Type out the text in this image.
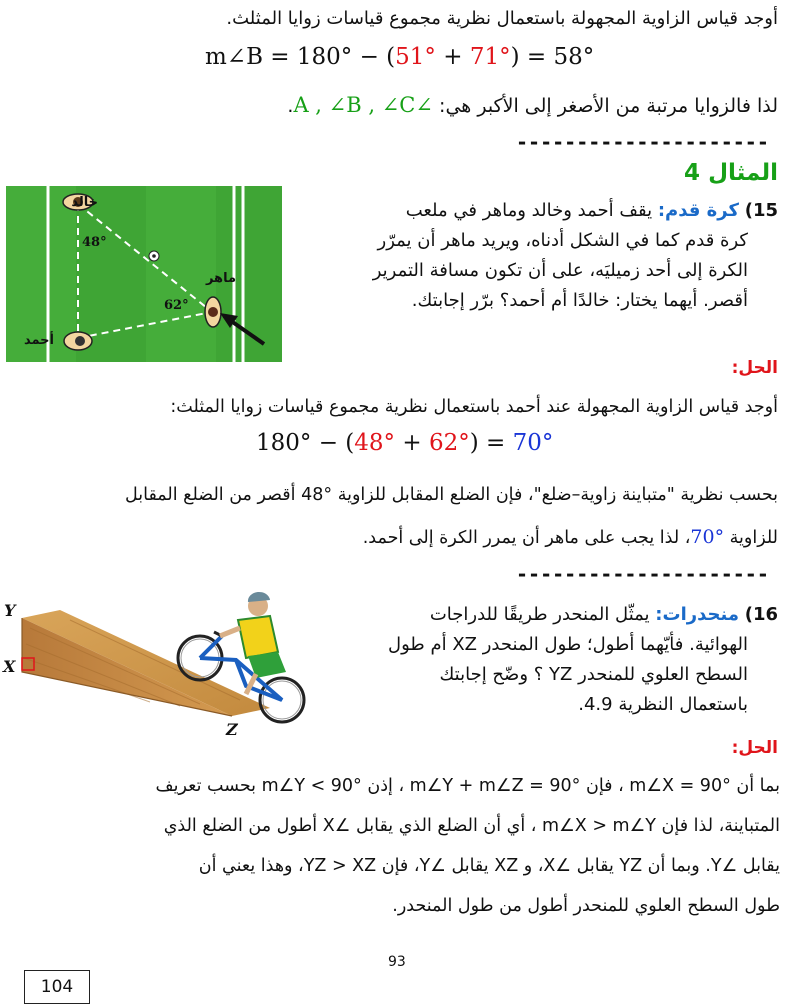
أوجد قياس الزاوية المجهولة باستعمال نظرية مجموع قياسات زوايا المثلث.
m∠B = 180° − (51° + 71°) = 58°
لذا فالزوايا مرتبة من الأصغر إلى الأكبر هي: ∠A , ∠B , ∠C.
---------------------
المثال 4
15) كرة قدم: يقف أحمد وخالد وماهر في ملعب
كرة قدم كما في الشكل أدناه، ويريد ماهر أن يمرّر
الكرة إلى أحد زميليَه، على أن تكون مسافة التمرير
أقصر. أيهما يختار: خالدًا أم أحمد؟ برّر إجابتك.
خالد
ماهر
أحمد
48°
62°
الحل:
أوجد قياس الزاوية المجهولة عند أحمد باستعمال نظرية مجموع قياسات زوايا المثلث:
180° − (48° + 62°) = 70°
بحسب نظرية "متباينة زاوية–ضلع"، فإن الضلع المقابل للزاوية °48 أقصر من الضلع المقابل
للزاوية °70، لذا يجب على ماهر أن يمرر الكرة إلى أحمد.
---------------------
16) منحدرات: يمثّل المنحدر طريقًا للدراجات
الهوائية. فأيّهما أطول؛ طول المنحدر XZ أم طول
السطح العلوي للمنحدر YZ ؟ وضّح إجابتك
باستعمال النظرية 4.9.
Y
X
Z
الحل:
بما أن m∠X = 90° ، فإن m∠Y + m∠Z = 90° ، إذن m∠Y < 90° بحسب تعريف
المتباينة، لذا فإن m∠X > m∠Y ، أي أن الضلع الذي يقابل ∠X أطول من الضلع الذي
يقابل ∠Y. وبما أن YZ يقابل ∠X، و XZ يقابل ∠Y، فإن YZ > XZ، وهذا يعني أن
طول السطح العلوي للمنحدر أطول من طول المنحدر.
93
104
